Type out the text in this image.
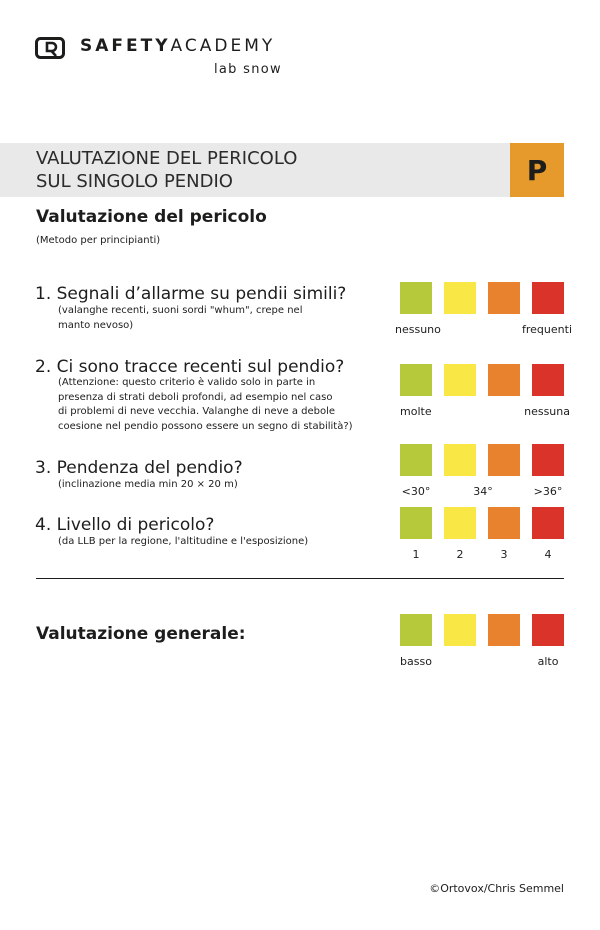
SAFETYACADEMY
lab snow
VALUTAZIONE DEL PERICOLO
SUL SINGOLO PENDIO	P
Valutazione del pericolo
(Metodo per principianti)
1. Segnali d’allarme su pendii simili?
(valanghe recenti, suoni sordi "whum", crepe nel
manto nevoso)	nessuno	frequenti
2. Ci sono tracce recenti sul pendio?
(Attenzione: questo criterio è valido solo in parte in
presenza di strati deboli profondi, ad esempio nel caso
di problemi di neve vecchia. Valanghe di neve a debole
coesione nel pendio possono essere un segno di stabilità?)
molte	nessuna
3. Pendenza del pendio?
(inclinazione media min 20 × 20 m)
<30°	34°	>36°
4. Livello di pericolo?
(da LLB per la regione, l'altitudine e l'esposizione)
1	2	3	4
Valutazione generale:
basso	alto
©Ortovox/Chris Semmel
